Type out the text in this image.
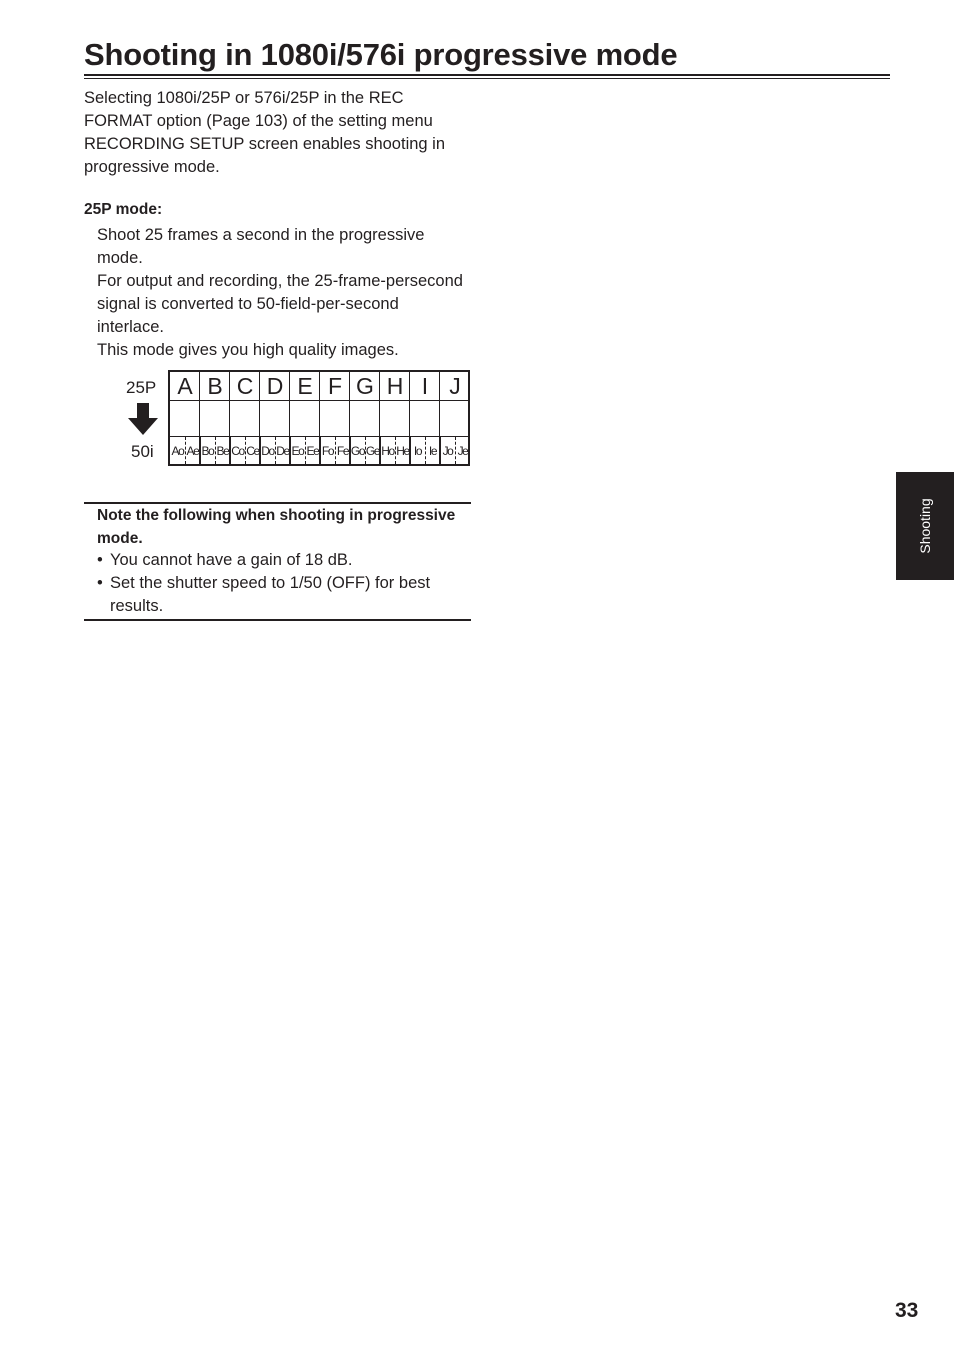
Shooting in 1080i/576i progressive mode
Selecting 1080i/25P or 576i/25P in the REC FORMAT option (Page 103) of the setting menu RECORDING SETUP screen enables shooting in progressive mode.
25P mode:

Shoot 25 frames a second in the progressive mode.

For output and recording, the 25-frame-persecond signal is converted to 50-field-per-second interlace.

This mode gives you high quality images.

25P
50i
A B C D E F G H I J
Ao Ae Bo Be Co Ce Do De Eo Ee Fo Fe Go Ge Ho He Io Ie Jo Je
Note the following when shooting in progressive mode.
• You cannot have a gain of 18 dB.
• Set the shutter speed to 1/50 (OFF) for best results.
Shooting
33
